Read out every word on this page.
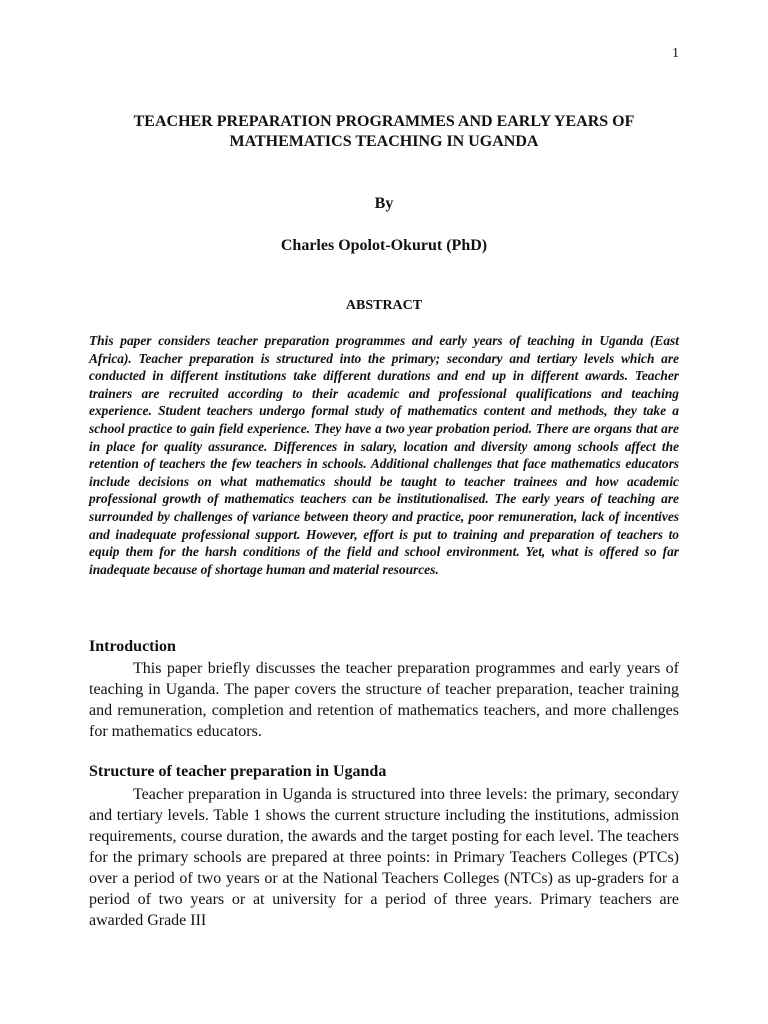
1
TEACHER PREPARATION PROGRAMMES AND EARLY YEARS OF MATHEMATICS TEACHING IN UGANDA

By

Charles Opolot-Okurut (PhD)

ABSTRACT

This paper considers teacher preparation programmes and early years of teaching in Uganda (East Africa). Teacher preparation is structured into the primary; secondary and tertiary levels which are conducted in different institutions take different durations and end up in different awards. Teacher trainers are recruited according to their academic and professional qualifications and teaching experience. Student teachers undergo formal study of mathematics content and methods, they take a school practice to gain field experience. They have a two year probation period. There are organs that are in place for quality assurance. Differences in salary, location and diversity among schools affect the retention of teachers the few teachers in schools. Additional challenges that face mathematics educators include decisions on what mathematics should be taught to teacher trainees and how academic professional growth of mathematics teachers can be institutionalised. The early years of teaching are surrounded by challenges of variance between theory and practice, poor remuneration, lack of incentives and inadequate professional support. However, effort is put to training and preparation of teachers to equip them for the harsh conditions of the field and school environment. Yet, what is offered so far inadequate because of shortage human and material resources.

Introduction

This paper briefly discusses the teacher preparation programmes and early years of teaching in Uganda. The paper covers the structure of teacher preparation, teacher training and remuneration, completion and retention of mathematics teachers, and more challenges for mathematics educators.

Structure of teacher preparation in Uganda

Teacher preparation in Uganda is structured into three levels: the primary, secondary and tertiary levels. Table 1 shows the current structure including the institutions, admission requirements, course duration, the awards and the target posting for each level. The teachers for the primary schools are prepared at three points: in Primary Teachers Colleges (PTCs) over a period of two years or at the National Teachers Colleges (NTCs) as up-graders for a period of two years or at university for a period of three years. Primary teachers are awarded Grade III
